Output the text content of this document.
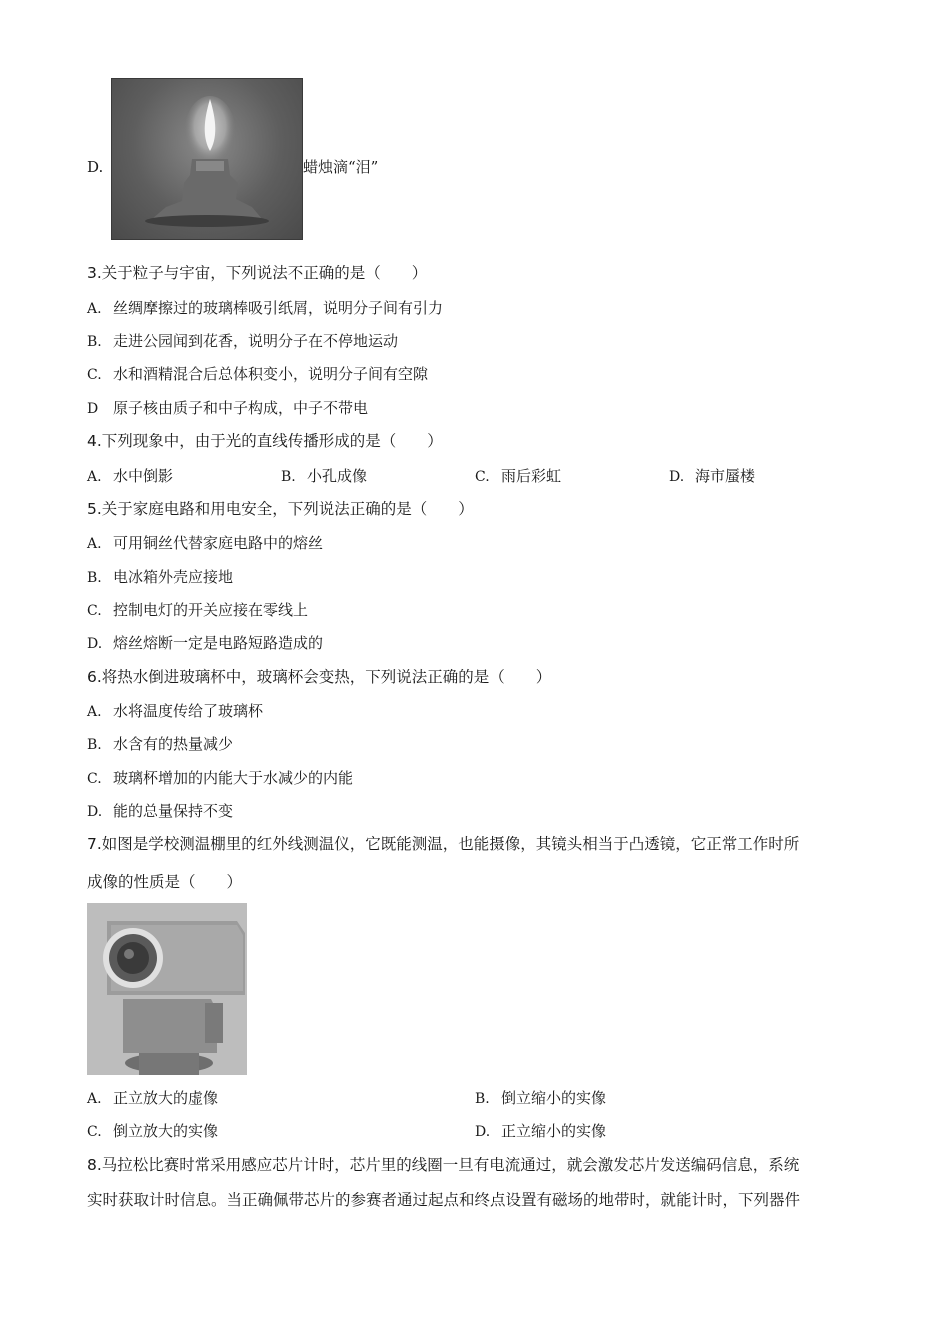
D.	蜡烛滴“泪”
3.关于粒子与宇宙，下列说法不正确的是（　　）
A. 丝绸摩擦过的玻璃棒吸引纸屑，说明分子间有引力
B. 走进公园闻到花香，说明分子在不停地运动
C. 水和酒精混合后总体积变小，说明分子间有空隙
D 原子核由质子和中子构成，中子不带电
4.下列现象中，由于光的直线传播形成的是（　　）
A. 水中倒影	B. 小孔成像	C. 雨后彩虹	D. 海市蜃楼
5.关于家庭电路和用电安全，下列说法正确的是（　　）
A. 可用铜丝代替家庭电路中的熔丝
B. 电冰箱外壳应接地
C. 控制电灯的开关应接在零线上
D. 熔丝熔断一定是电路短路造成的
6.将热水倒进玻璃杯中，玻璃杯会变热，下列说法正确的是（　　）
A. 水将温度传给了玻璃杯
B. 水含有的热量减少
C. 玻璃杯增加的内能大于水减少的内能
D. 能的总量保持不变
7.如图是学校测温棚里的红外线测温仪，它既能测温，也能摄像，其镜头相当于凸透镜，它正常工作时所
成像的性质是（　　）
A. 正立放大的虚像	B. 倒立缩小的实像
C. 倒立放大的实像	D. 正立缩小的实像
8.马拉松比赛时常采用感应芯片计时，芯片里的线圈一旦有电流通过，就会激发芯片发送编码信息，系统
实时获取计时信息。当正确佩带芯片的参赛者通过起点和终点设置有磁场的地带时，就能计时，下列器件
